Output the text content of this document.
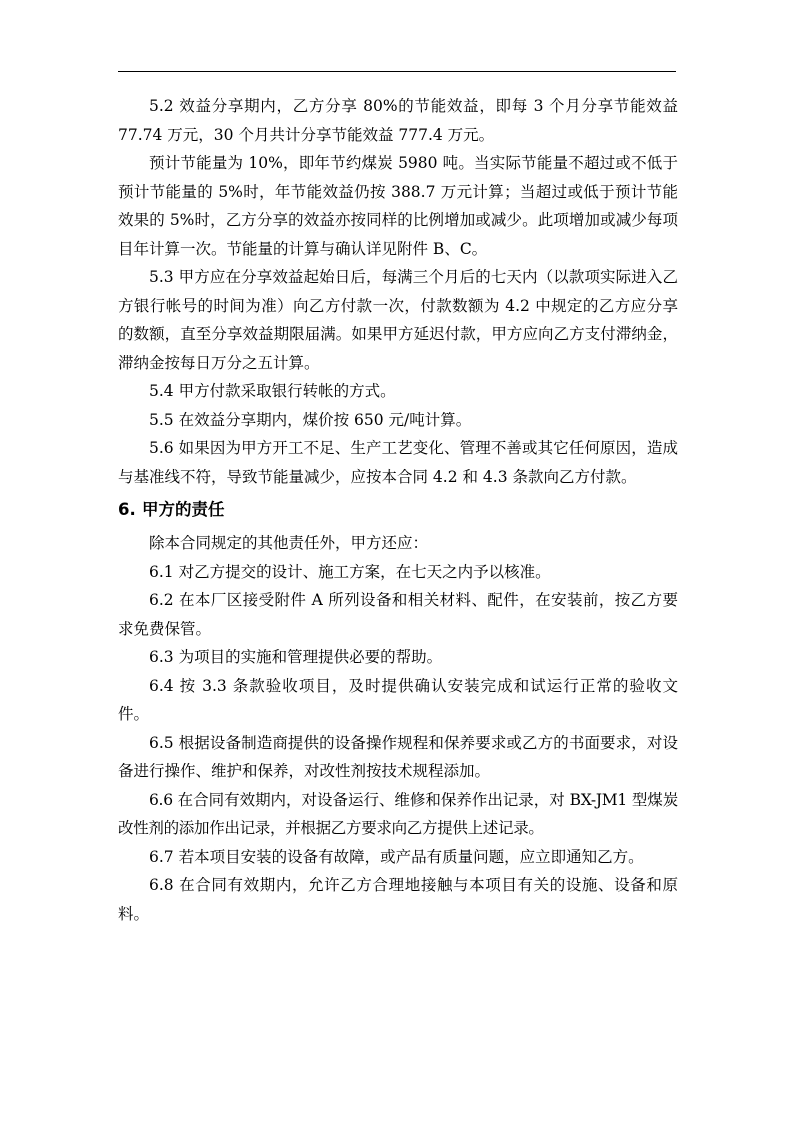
5.2 效益分享期内，乙方分享 80%的节能效益，即每 3 个月分享节能效益 77.74 万元，30 个月共计分享节能效益 777.4 万元。

预计节能量为 10%，即年节约煤炭 5980 吨。当实际节能量不超过或不低于预计节能量的 5%时，年节能效益仍按 388.7 万元计算；当超过或低于预计节能效果的 5%时，乙方分享的效益亦按同样的比例增加或减少。此项增加或减少每项目年计算一次。节能量的计算与确认详见附件 B、C。

5.3 甲方应在分享效益起始日后，每满三个月后的七天内（以款项实际进入乙方银行帐号的时间为准）向乙方付款一次，付款数额为 4.2 中规定的乙方应分享的数额，直至分享效益期限届满。如果甲方延迟付款，甲方应向乙方支付滞纳金，滞纳金按每日万分之五计算。

5.4 甲方付款采取银行转帐的方式。

5.5 在效益分享期内，煤价按 650 元/吨计算。

5.6 如果因为甲方开工不足、生产工艺变化、管理不善或其它任何原因，造成与基准线不符，导致节能量减少，应按本合同 4.2 和 4.3 条款向乙方付款。

6. 甲方的责任

除本合同规定的其他责任外，甲方还应：

6.1 对乙方提交的设计、施工方案，在七天之内予以核准。

6.2 在本厂区接受附件 A 所列设备和相关材料、配件，在安装前，按乙方要求免费保管。

6.3 为项目的实施和管理提供必要的帮助。

6.4 按 3.3 条款验收项目，及时提供确认安装完成和试运行正常的验收文件。

6.5 根据设备制造商提供的设备操作规程和保养要求或乙方的书面要求，对设备进行操作、维护和保养，对改性剂按技术规程添加。

6.6 在合同有效期内，对设备运行、维修和保养作出记录，对 BX-JM1 型煤炭改性剂的添加作出记录，并根据乙方要求向乙方提供上述记录。

6.7 若本项目安装的设备有故障，或产品有质量问题，应立即通知乙方。

6.8 在合同有效期内，允许乙方合理地接触与本项目有关的设施、设备和原料。
